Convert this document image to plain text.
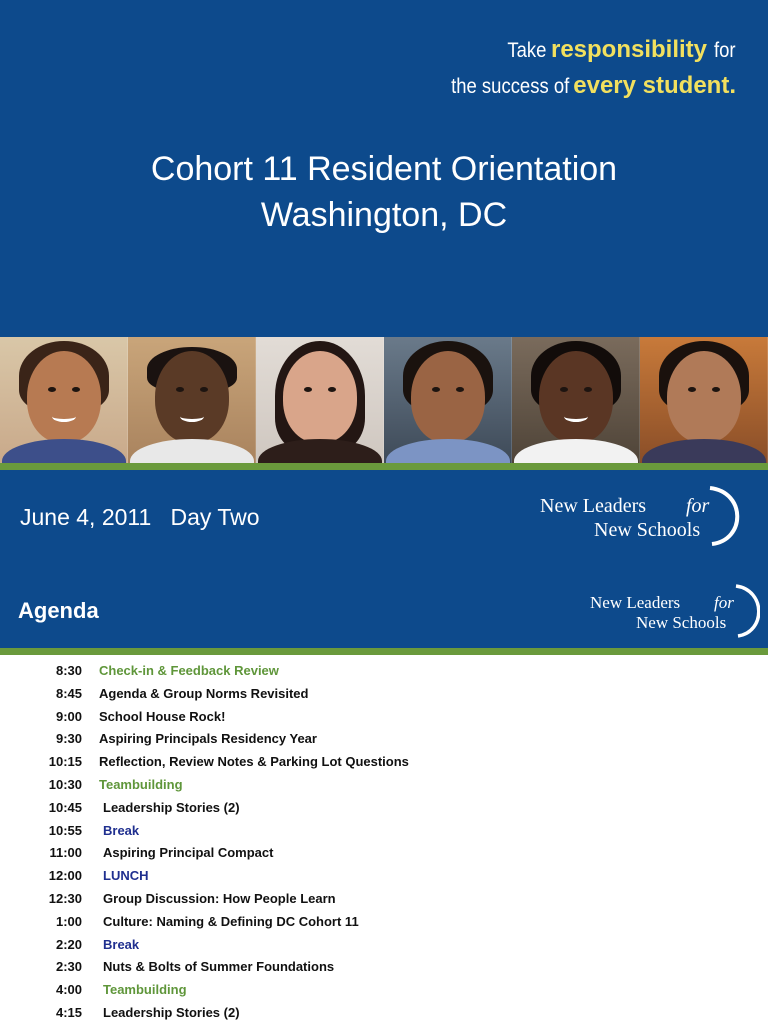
Take responsibility for
the success of every student.
Cohort 11 Resident Orientation
Washington, DC
June 4, 2011   Day Two	New Leaders for
New Schools
Agenda	New Leaders for
New Schools
8:30 Check-in & Feedback Review
8:45 Agenda & Group Norms Revisited
9:00 School House Rock!
9:30 Aspiring Principals Residency Year
10:15 Reflection, Review Notes & Parking Lot Questions
10:30 Teambuilding
10:45 Leadership Stories (2)
10:55 Break
11:00 Aspiring Principal Compact
12:00 LUNCH
12:30 Group Discussion: How People Learn
1:00 Culture: Naming & Defining DC Cohort 11
2:20 Break
2:30 Nuts & Bolts of Summer Foundations
4:00 Teambuilding
4:15 Leadership Stories (2)
